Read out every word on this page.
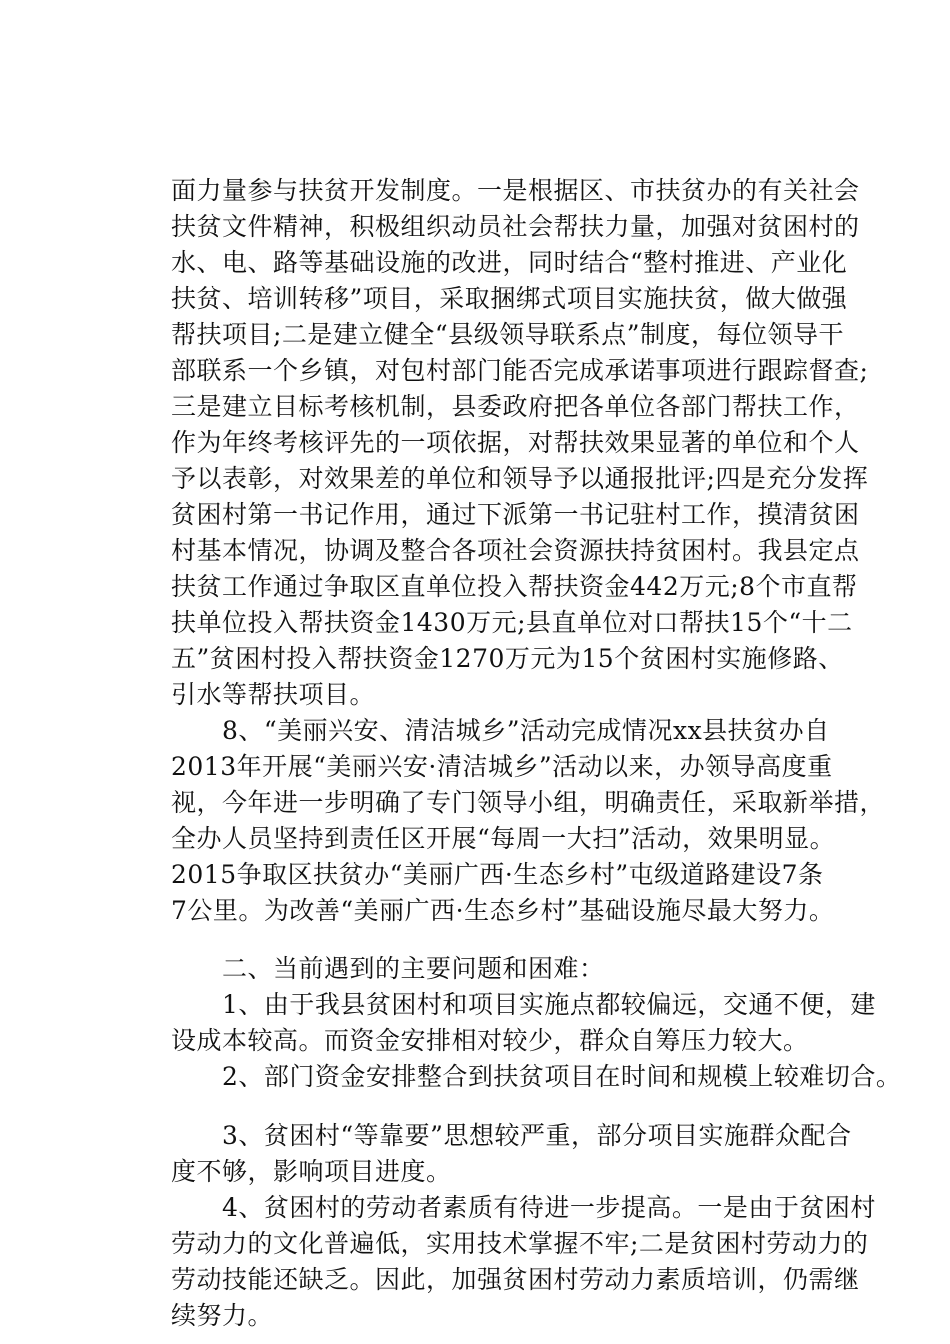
面力量参与扶贫开发制度。一是根据区、市扶贫办的有关社会
扶贫文件精神，积极组织动员社会帮扶力量，加强对贫困村的
水、电、路等基础设施的改进，同时结合“整村推进、产业化
扶贫、培训转移”项目，采取捆绑式项目实施扶贫，做大做强
帮扶项目;二是建立健全“县级领导联系点”制度，每位领导干
部联系一个乡镇，对包村部门能否完成承诺事项进行跟踪督查;
三是建立目标考核机制，县委政府把各单位各部门帮扶工作，
作为年终考核评先的一项依据，对帮扶效果显著的单位和个人
予以表彰，对效果差的单位和领导予以通报批评;四是充分发挥
贫困村第一书记作用，通过下派第一书记驻村工作，摸清贫困
村基本情况，协调及整合各项社会资源扶持贫困村。我县定点
扶贫工作通过争取区直单位投入帮扶资金442万元;8个市直帮
扶单位投入帮扶资金1430万元;县直单位对口帮扶15个“十二
五”贫困村投入帮扶资金1270万元为15个贫困村实施修路、
引水等帮扶项目。
　　8、“美丽兴安、清洁城乡”活动完成情况xx县扶贫办自
2013年开展“美丽兴安·清洁城乡”活动以来，办领导高度重
视，今年进一步明确了专门领导小组，明确责任，采取新举措，
全办人员坚持到责任区开展“每周一大扫”活动，效果明显。
2015争取区扶贫办“美丽广西·生态乡村”屯级道路建设7条
7公里。为改善“美丽广西·生态乡村”基础设施尽最大努力。
　　二、当前遇到的主要问题和困难：
　　1、由于我县贫困村和项目实施点都较偏远，交通不便，建
设成本较高。而资金安排相对较少，群众自筹压力较大。
　　2、部门资金安排整合到扶贫项目在时间和规模上较难切合。
　　3、贫困村“等靠要”思想较严重，部分项目实施群众配合
度不够，影响项目进度。
　　4、贫困村的劳动者素质有待进一步提高。一是由于贫困村
劳动力的文化普遍低，实用技术掌握不牢;二是贫困村劳动力的
劳动技能还缺乏。因此，加强贫困村劳动力素质培训，仍需继
续努力。
